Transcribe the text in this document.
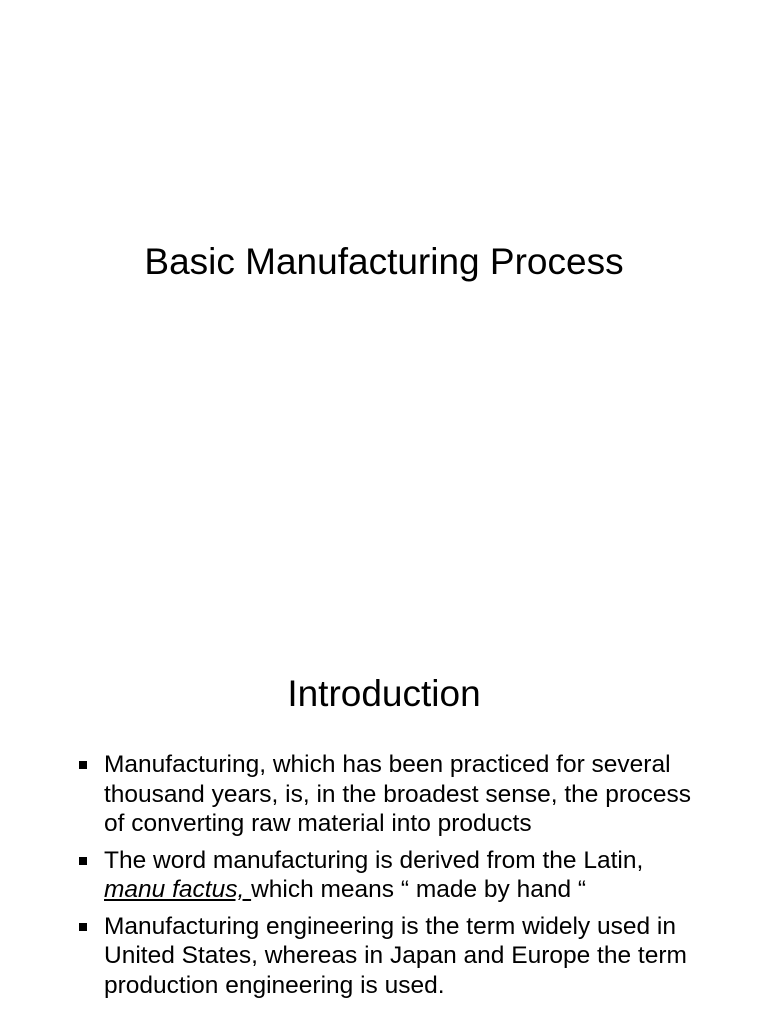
Basic Manufacturing Process
Introduction
Manufacturing, which has been practiced for several thousand years, is, in the broadest sense, the process of converting raw material into products
The word manufacturing is derived from the Latin, manu factus, which means “ made by hand “
Manufacturing engineering is the term widely used in United States, whereas in Japan and Europe the term production engineering is used.
